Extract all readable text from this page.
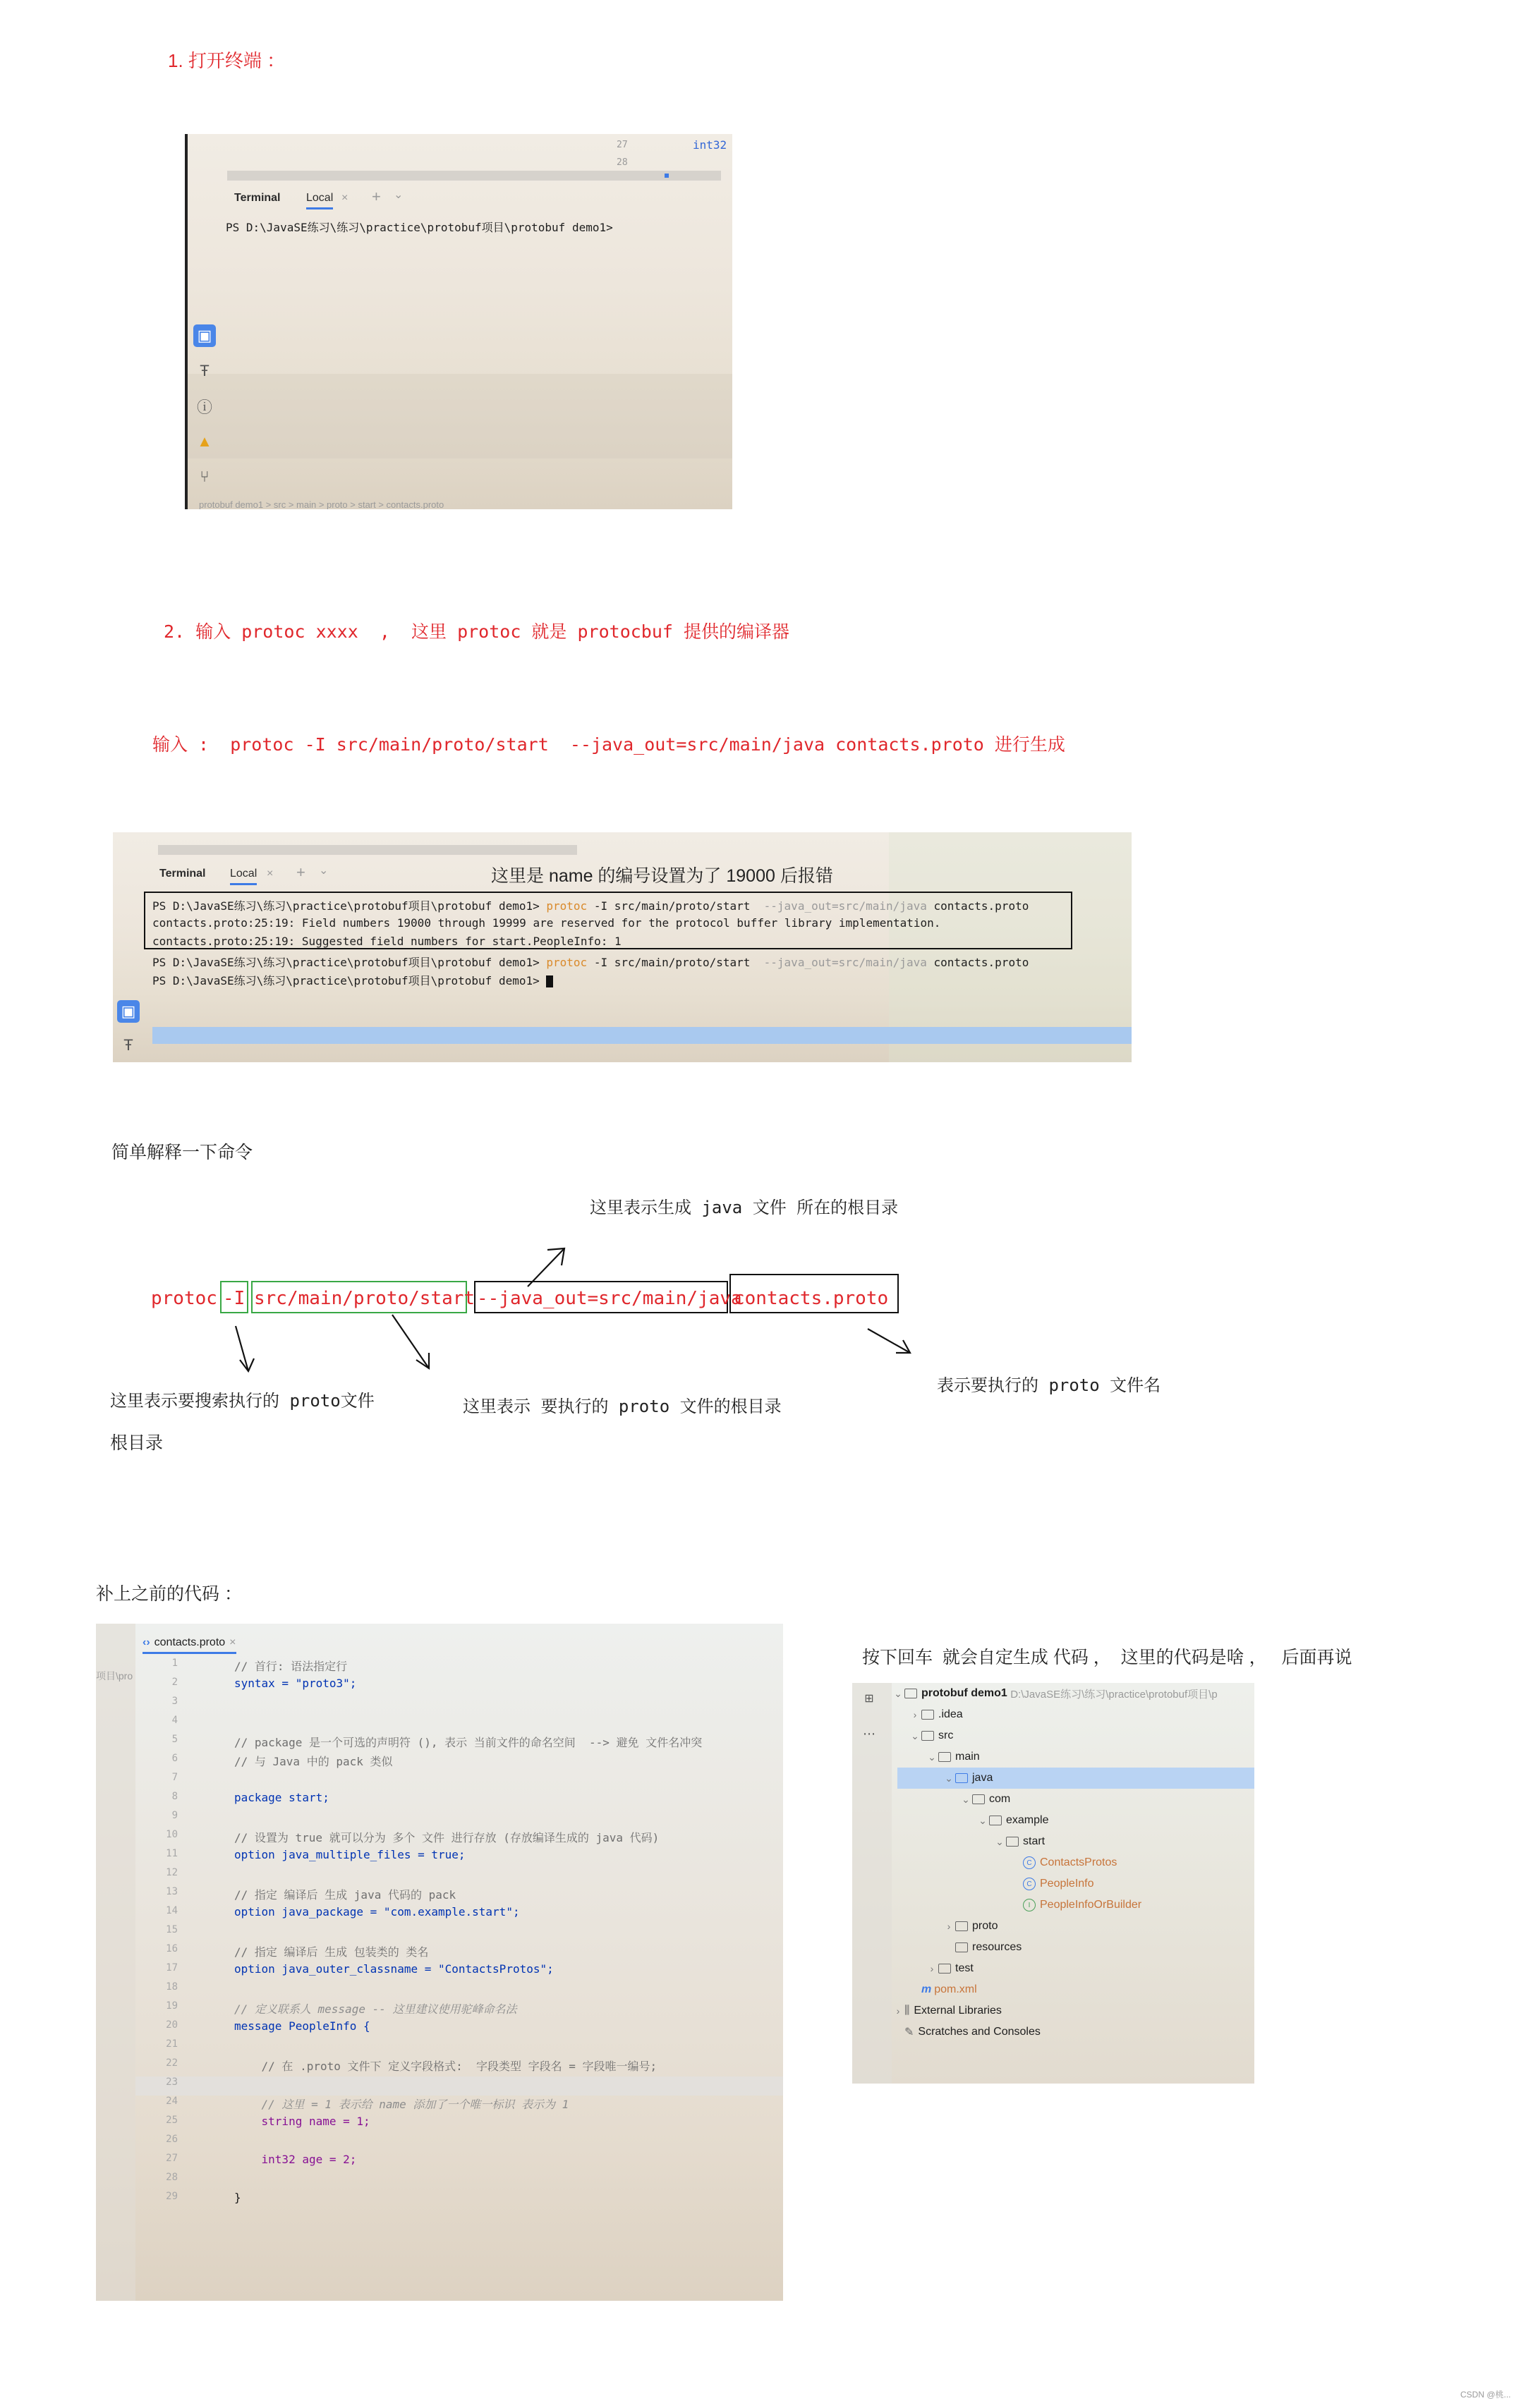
1. 打开终端 ：
27
28
int32
Terminal Local × + ⌄
PS D:\JavaSE练习\练习\practice\protobuf项目\protobuf demo1>
▣
Ŧ
ⓘ
▲
⑂
protobuf demo1 > src > main > proto > start > contacts.proto
2. 输入 protoc xxxx  ,  这里 protoc 就是 protocbuf 提供的编译器
输入 :  protoc -I src/main/proto/start  --java_out=src/main/java contacts.proto 进行生成
Terminal Local × + ⌄	这里是 name 的编号设置为了 19000 后报错
PS D:\JavaSE练习\练习\practice\protobuf项目\protobuf demo1> protoc -I src/main/proto/start  --java_out=src/main/java contacts.proto
contacts.proto:25:19: Field numbers 19000 through 19999 are reserved for the protocol buffer library implementation.
contacts.proto:25:19: Suggested field numbers for start.PeopleInfo: 1
PS D:\JavaSE练习\练习\practice\protobuf项目\protobuf demo1> protoc -I src/main/proto/start  --java_out=src/main/java contacts.proto
PS D:\JavaSE练习\练习\practice\protobuf项目\protobuf demo1>
▣
Ŧ
简单解释一下命令
这里表示生成 java 文件 所在的根目录
protoc -I src/main/proto/start --java_out=src/main/java
contacts.proto
这里表示要搜索执行的 proto文件
根目录
这里表示 要执行的 proto 文件的根目录
表示要执行的 proto 文件名
补上之前的代码 ：
项目\pro
‹› contacts.proto ×
1	// 首行: 语法指定行
2	syntax = "proto3";
3
4
5	// package 是一个可选的声明符 (), 表示 当前文件的命名空间  --> 避免 文件名冲突
6	// 与 Java 中的 pack 类似
7
8	package start;
9
10	// 设置为 true 就可以分为 多个 文件 进行存放 (存放编译生成的 java 代码)
11	option java_multiple_files = true;
12
13	// 指定 编译后 生成 java 代码的 pack
14	option java_package = "com.example.start";
15
16	// 指定 编译后 生成 包装类的 类名
17	option java_outer_classname = "ContactsProtos";
18
19	// 定义联系人 message -- 这里建议使用驼峰命名法
20	message PeopleInfo {
21
22	// 在 .proto 文件下 定义字段格式:  字段类型 字段名 = 字段唯一编号;
23
24	// 这里 = 1 表示给 name 添加了一个唯一标识 表示为 1
25	string name = 1;
26
27	int32 age = 2;
28
29	}
按下回车  就会自定生成 代码 ，  这里的代码是啥 ，   后面再说
⊞
⋯
⌄ protobuf demo1
D:\JavaSE练习\练习\practice\protobuf项目\p
›	.idea
⌄ src
⌄ main
⌄ java
⌄ com
⌄ example
⌄ start
C ContactsProtos
C PeopleInfo
I PeopleInfoOrBuilder
›	proto
resources
›	test
m pom.xml
› ⫼ External Libraries
✎ Scratches and Consoles
CSDN @桃...
